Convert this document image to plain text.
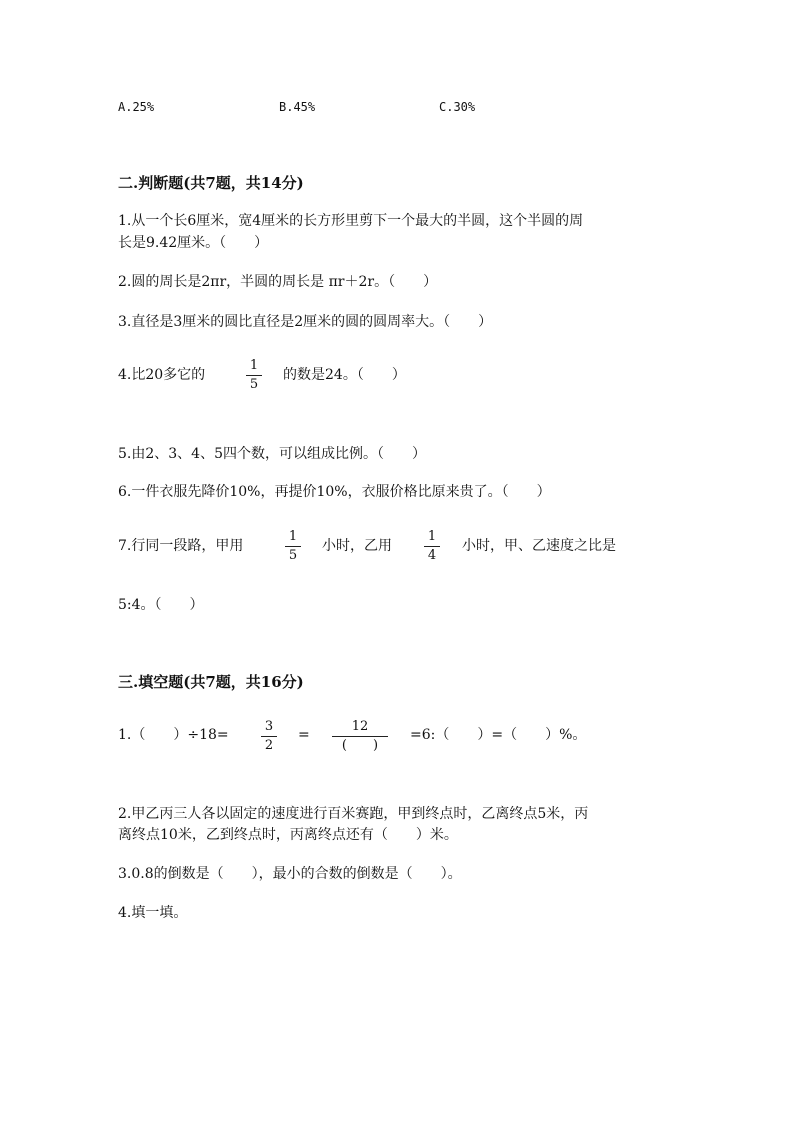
A.25%	B.45%	C.30%
二.判断题(共7题，共14分)
1.从一个长6厘米，宽4厘米的长方形里剪下一个最大的半圆，这个半圆的周
长是9.42厘米。（　　）
2.圆的周长是2πr，半圆的周长是 πr＋2r。（　　）
3.直径是3厘米的圆比直径是2厘米的圆的圆周率大。（　　）
4.比20多它的
1
5
的数是24。（　　）
5.由2、3、4、5四个数，可以组成比例。（　　）
6.一件衣服先降价10%，再提价10%，衣服价格比原来贵了。（　　）
7.行同一段路，甲用
1
5
小时，乙用
1
4
小时，甲、乙速度之比是
5:4。（　　）
三.填空题(共7题，共16分)
1.（　　）÷18=
3
2
=
12
(　　)
=6:（　　）=（　　）%。
2.甲乙丙三人各以固定的速度进行百米赛跑，甲到终点时，乙离终点5米，丙
离终点10米，乙到终点时，丙离终点还有（　　）米。
3.0.8的倒数是（　　），最小的合数的倒数是（　　）。
4.填一填。
